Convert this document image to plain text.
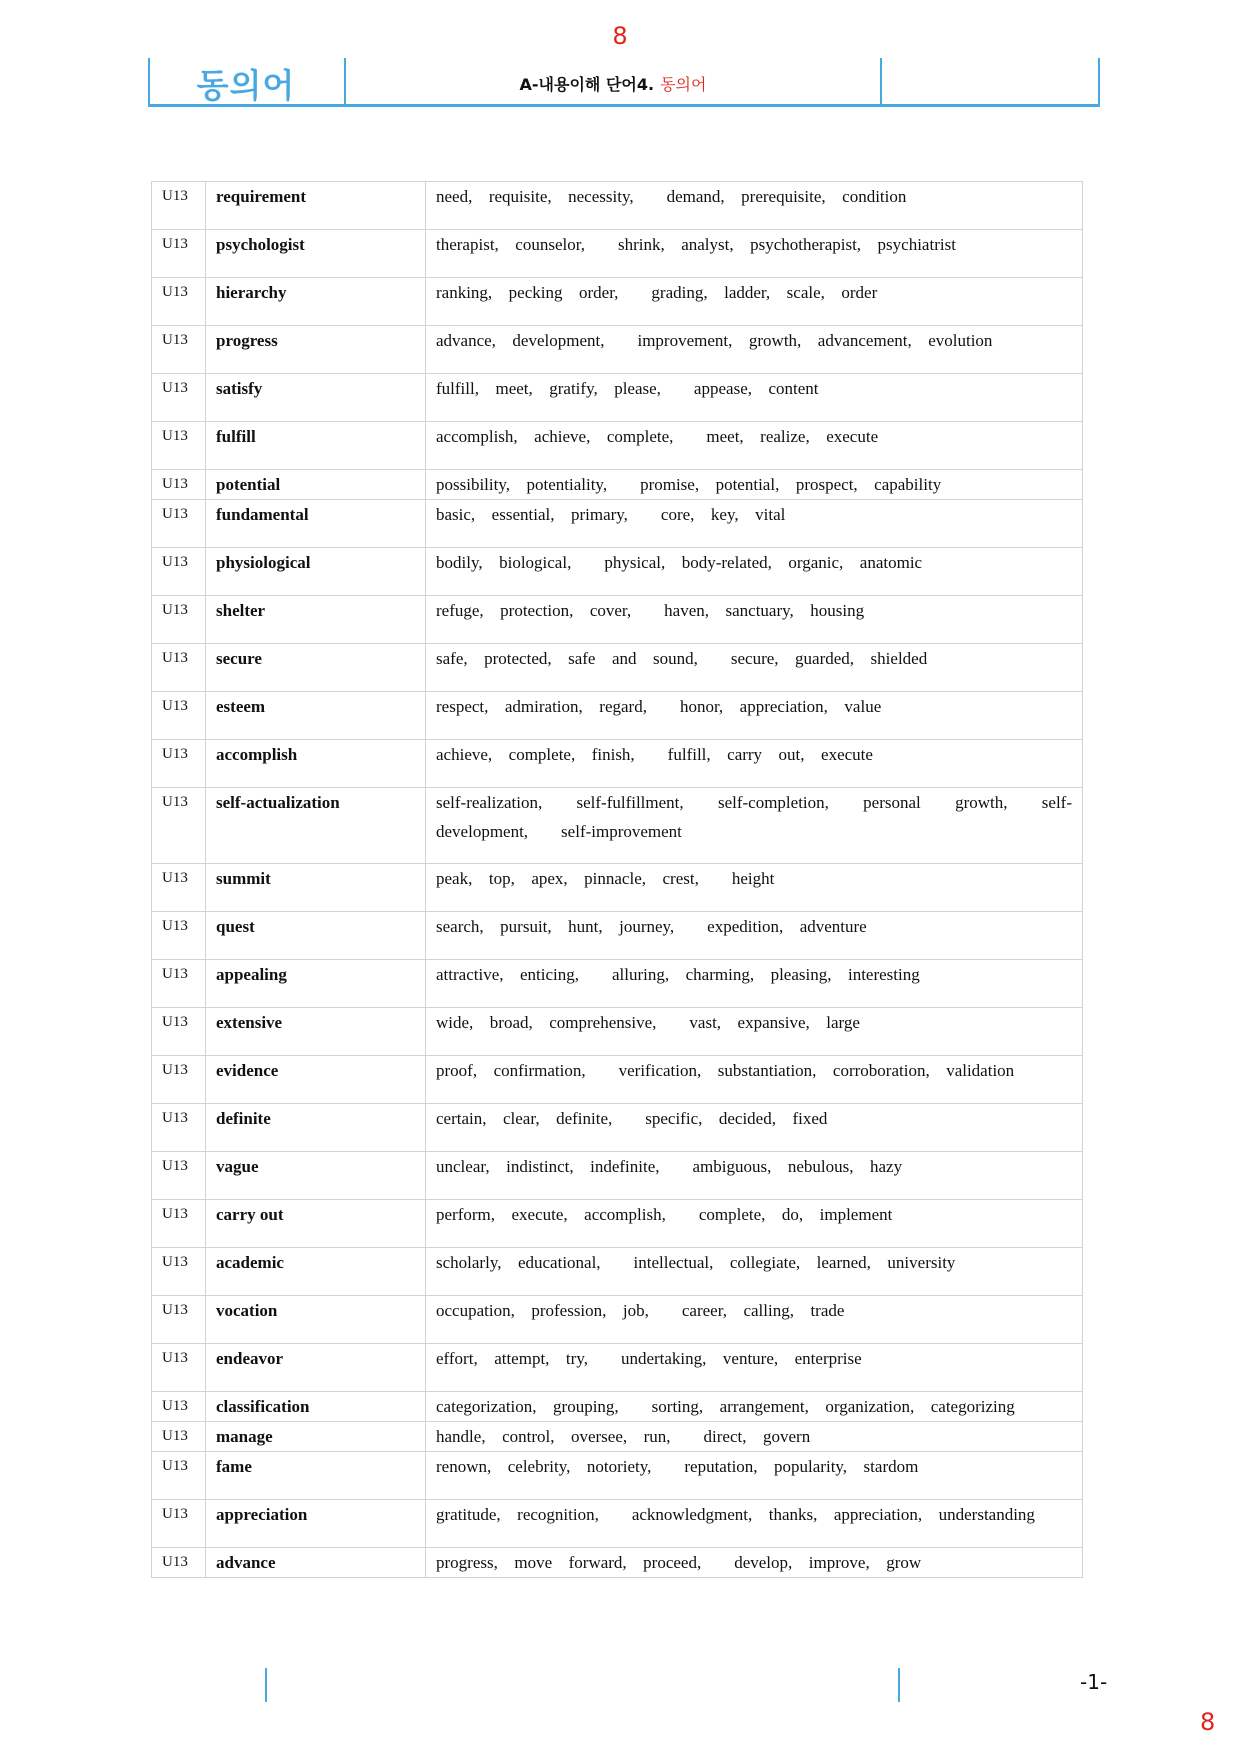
8
동의어	A-내용이해 단어4. 동의어
U13	requirement	need,  requisite,  necessity,    demand,  prerequisite,  condition
U13	psychologist	therapist,  counselor,    shrink,  analyst,  psychotherapist,  psychiatrist
U13	hierarchy	ranking,  pecking  order,    grading,  ladder,  scale,  order
U13	progress	advance,  development,    improvement,  growth,  advancement,  evolution
U13	satisfy	fulfill,  meet,  gratify,  please,    appease,  content
U13	fulfill	accomplish,  achieve,  complete,    meet,  realize,  execute
U13	potential	possibility,  potentiality,    promise,  potential,  prospect,  capability
U13	fundamental	basic,  essential,  primary,    core,  key,  vital
U13	physiological	bodily,  biological,    physical,  body-related,  organic,  anatomic
U13	shelter	refuge,  protection,  cover,    haven,  sanctuary,  housing
U13	secure	safe,  protected,  safe  and  sound,    secure,  guarded,  shielded
U13	esteem	respect,  admiration,  regard,    honor,  appreciation,  value
U13	accomplish	achieve,  complete,  finish,    fulfill,  carry  out,  execute
U13	self-actualization	self-realization,  self-fulfillment,  self-completion,  personal  growth,  self-development,    self-improvement
U13	summit	peak,  top,  apex,  pinnacle,  crest,    height
U13	quest	search,  pursuit,  hunt,  journey,    expedition,  adventure
U13	appealing	attractive,  enticing,    alluring,  charming,  pleasing,  interesting
U13	extensive	wide,  broad,  comprehensive,    vast,  expansive,  large
U13	evidence	proof,  confirmation,    verification,  substantiation,  corroboration,  validation
U13	definite	certain,  clear,  definite,    specific,  decided,  fixed
U13	vague	unclear,  indistinct,  indefinite,    ambiguous,  nebulous,  hazy
U13	carry out	perform,  execute,  accomplish,    complete,  do,  implement
U13	academic	scholarly,  educational,    intellectual,  collegiate,  learned,  university
U13	vocation	occupation,  profession,  job,    career,  calling,  trade
U13	endeavor	effort,  attempt,  try,    undertaking,  venture,  enterprise
U13	classification	categorization,  grouping,    sorting,  arrangement,  organization,  categorizing
U13	manage	handle,  control,  oversee,  run,    direct,  govern
U13	fame	renown,  celebrity,  notoriety,    reputation,  popularity,  stardom
U13	appreciation	gratitude,  recognition,    acknowledgment,  thanks,  appreciation,  understanding
U13	advance	progress,  move  forward,  proceed,    develop,  improve,  grow
-1-
8
